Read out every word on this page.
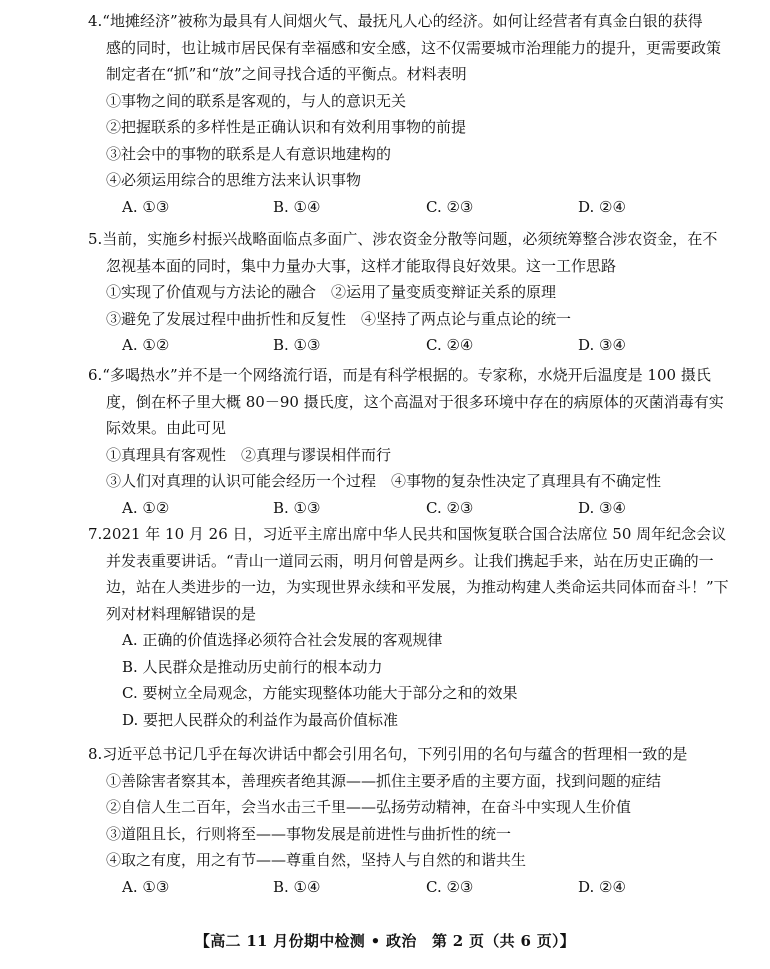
4.“地摊经济”被称为最具有人间烟火气、最抚凡人心的经济。如何让经营者有真金白银的获得
感的同时，也让城市居民保有幸福感和安全感，这不仅需要城市治理能力的提升，更需要政策
制定者在“抓”和“放”之间寻找合适的平衡点。材料表明
①事物之间的联系是客观的，与人的意识无关
②把握联系的多样性是正确认识和有效利用事物的前提
③社会中的事物的联系是人有意识地建构的
④必须运用综合的思维方法来认识事物
A. ①③	B. ①④	C. ②③	D. ②④
5.当前，实施乡村振兴战略面临点多面广、涉农资金分散等问题，必须统筹整合涉农资金，在不
忽视基本面的同时，集中力量办大事，这样才能取得良好效果。这一工作思路
①实现了价值观与方法论的融合　②运用了量变质变辩证关系的原理
③避免了发展过程中曲折性和反复性　④坚持了两点论与重点论的统一
A. ①②	B. ①③	C. ②④	D. ③④
6.“多喝热水”并不是一个网络流行语，而是有科学根据的。专家称，水烧开后温度是 100 摄氏
度，倒在杯子里大概 80－90 摄氏度，这个高温对于很多环境中存在的病原体的灭菌消毒有实
际效果。由此可见
①真理具有客观性　②真理与谬误相伴而行
③人们对真理的认识可能会经历一个过程　④事物的复杂性决定了真理具有不确定性
A. ①②	B. ①③	C. ②③	D. ③④
7.2021 年 10 月 26 日，习近平主席出席中华人民共和国恢复联合国合法席位 50 周年纪念会议
并发表重要讲话。“青山一道同云雨，明月何曾是两乡。让我们携起手来，站在历史正确的一
边，站在人类进步的一边，为实现世界永续和平发展，为推动构建人类命运共同体而奋斗！”下
列对材料理解错误的是
A. 正确的价值选择必须符合社会发展的客观规律
B. 人民群众是推动历史前行的根本动力
C. 要树立全局观念，方能实现整体功能大于部分之和的效果
D. 要把人民群众的利益作为最高价值标准
8.习近平总书记几乎在每次讲话中都会引用名句，下列引用的名句与蕴含的哲理相一致的是
①善除害者察其本，善理疾者绝其源——抓住主要矛盾的主要方面，找到问题的症结
②自信人生二百年，会当水击三千里——弘扬劳动精神，在奋斗中实现人生价值
③道阻且长，行则将至——事物发展是前进性与曲折性的统一
④取之有度，用之有节——尊重自然，坚持人与自然的和谐共生
A. ①③	B. ①④	C. ②③	D. ②④
【高二 11 月份期中检测 • 政治　第 2 页（共 6 页）】
